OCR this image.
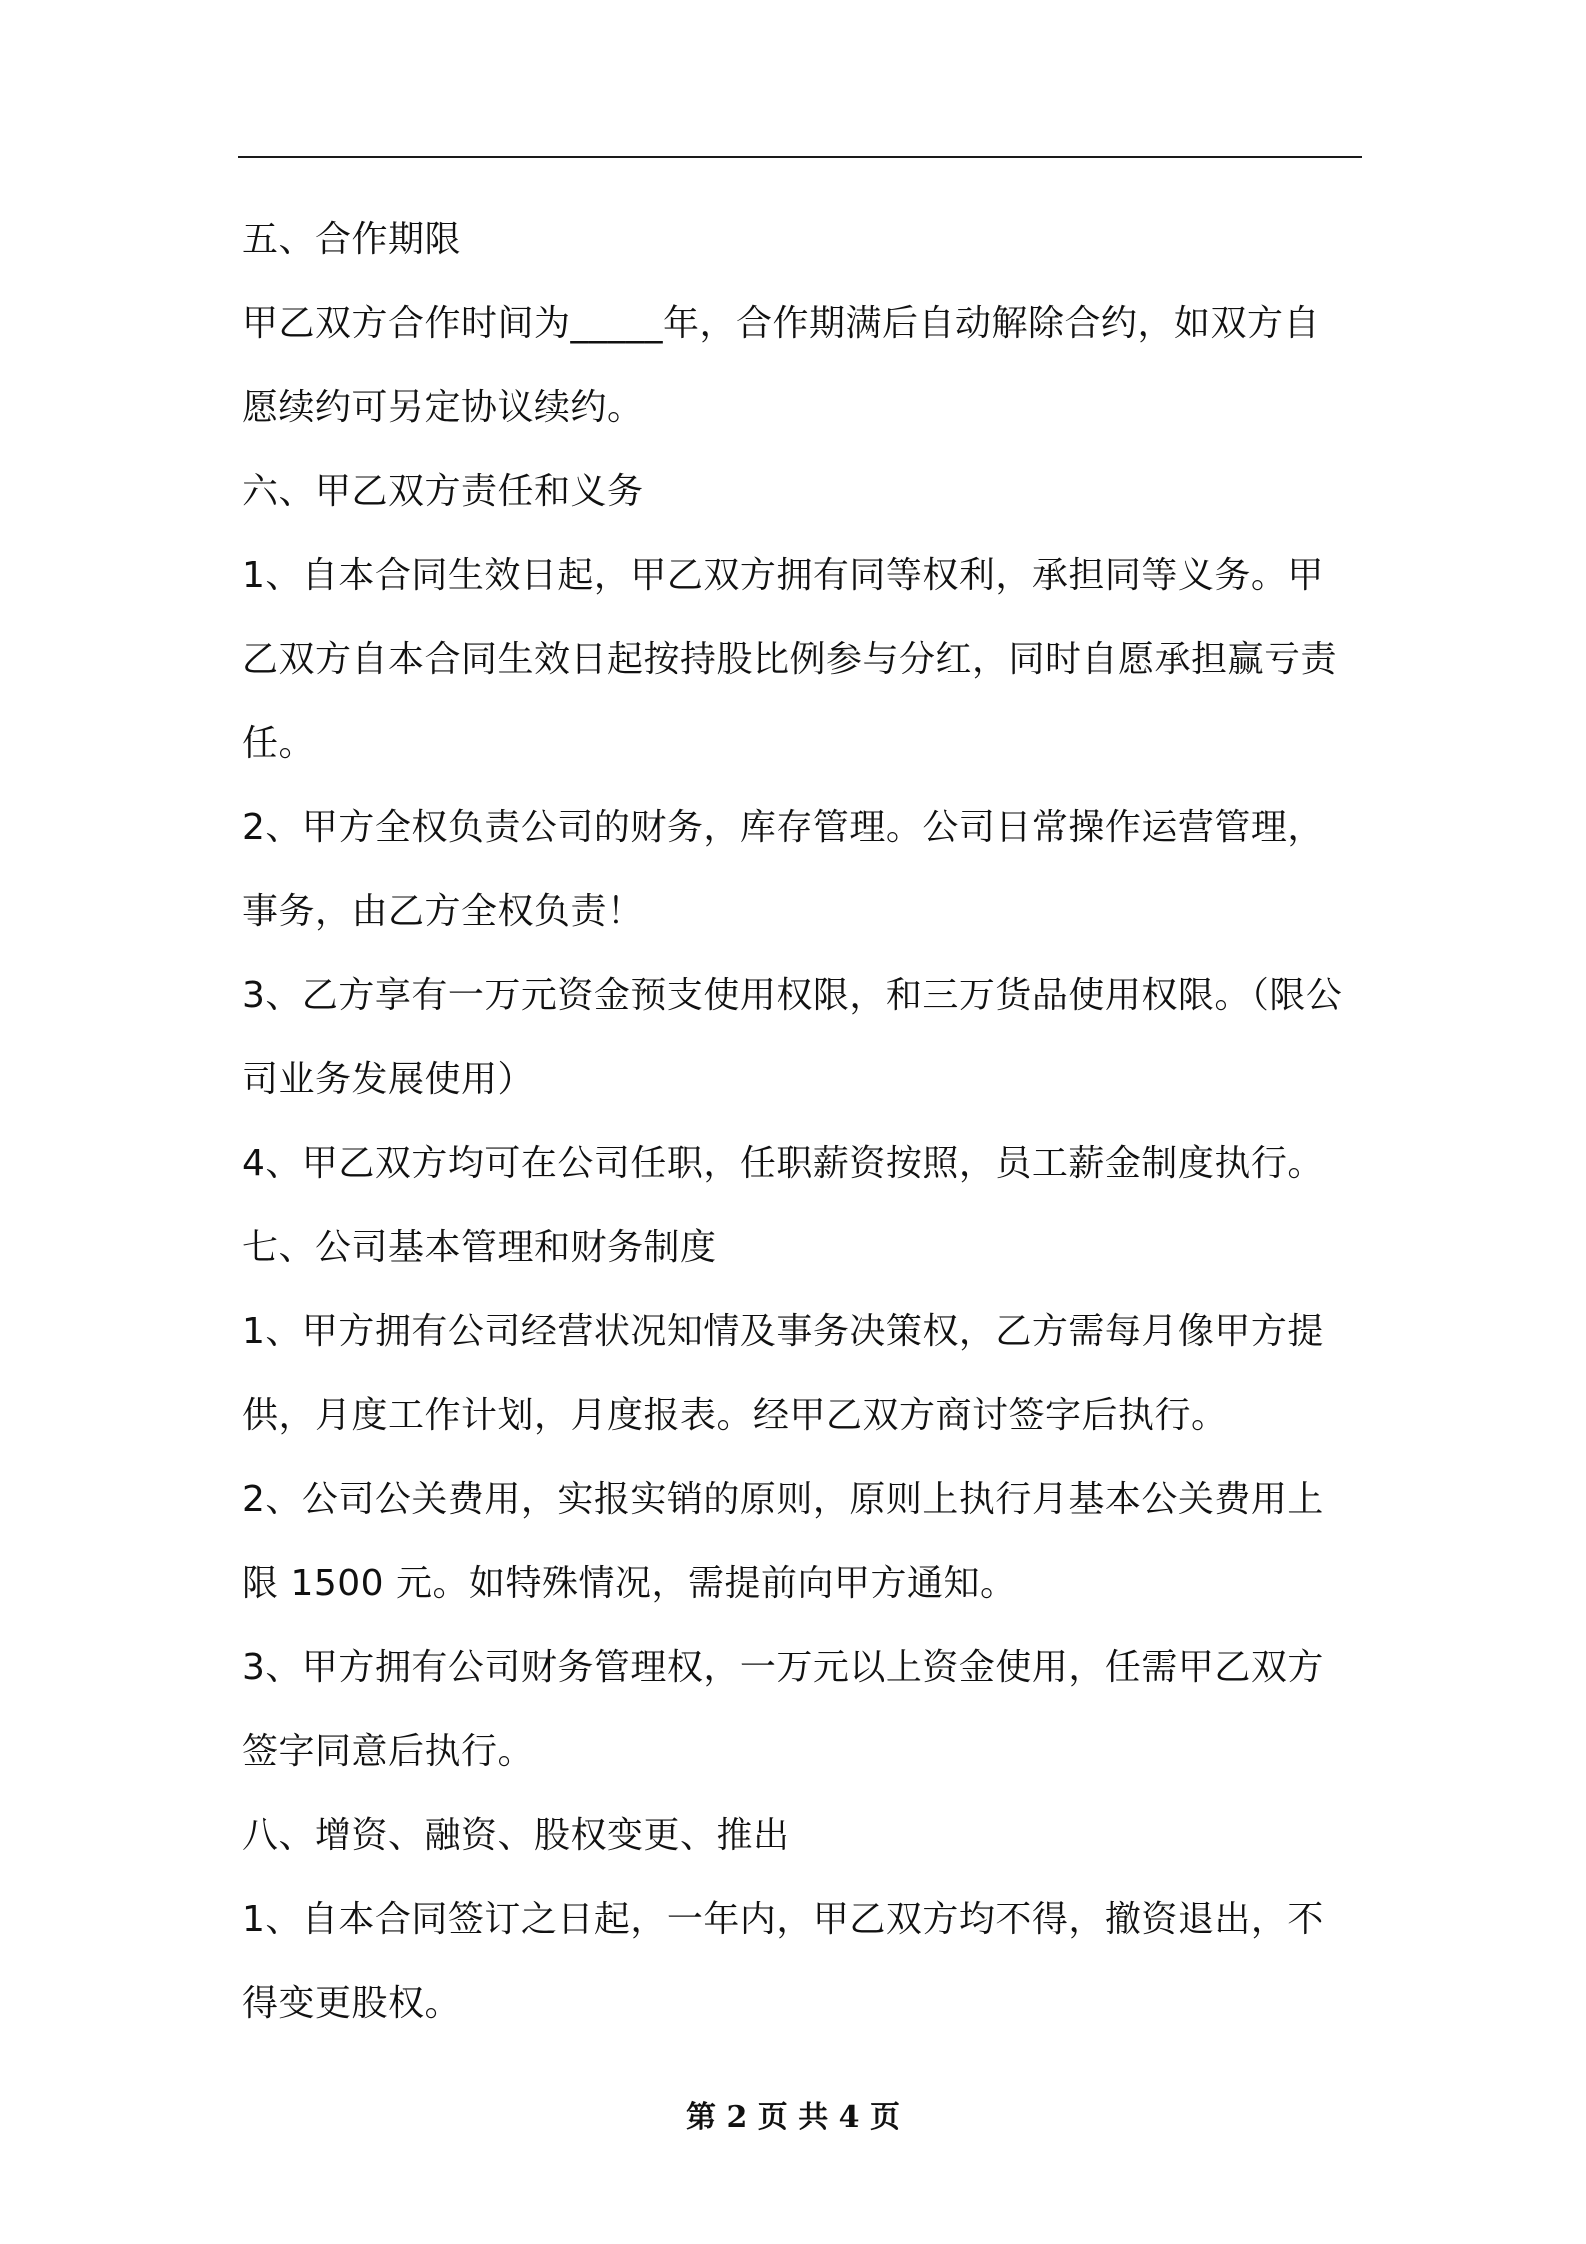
五、合作期限
甲乙双方合作时间为_____年，合作期满后自动解除合约，如双方自
愿续约可另定协议续约。
六、甲乙双方责任和义务
1、自本合同生效日起，甲乙双方拥有同等权利，承担同等义务。甲
乙双方自本合同生效日起按持股比例参与分红，同时自愿承担赢亏责
任。
2、甲方全权负责公司的财务，库存管理。公司日常操作运营管理，
事务，由乙方全权负责！
3、乙方享有一万元资金预支使用权限，和三万货品使用权限。（限公
司业务发展使用）
4、甲乙双方均可在公司任职，任职薪资按照，员工薪金制度执行。
七、公司基本管理和财务制度
1、甲方拥有公司经营状况知情及事务决策权，乙方需每月像甲方提
供，月度工作计划，月度报表。经甲乙双方商讨签字后执行。
2、公司公关费用，实报实销的原则，原则上执行月基本公关费用上
限 1500 元。如特殊情况，需提前向甲方通知。
3、甲方拥有公司财务管理权，一万元以上资金使用，任需甲乙双方
签字同意后执行。
八、增资、融资、股权变更、推出
1、自本合同签订之日起，一年内，甲乙双方均不得，撤资退出，不
得变更股权。
第 2 页 共 4 页
